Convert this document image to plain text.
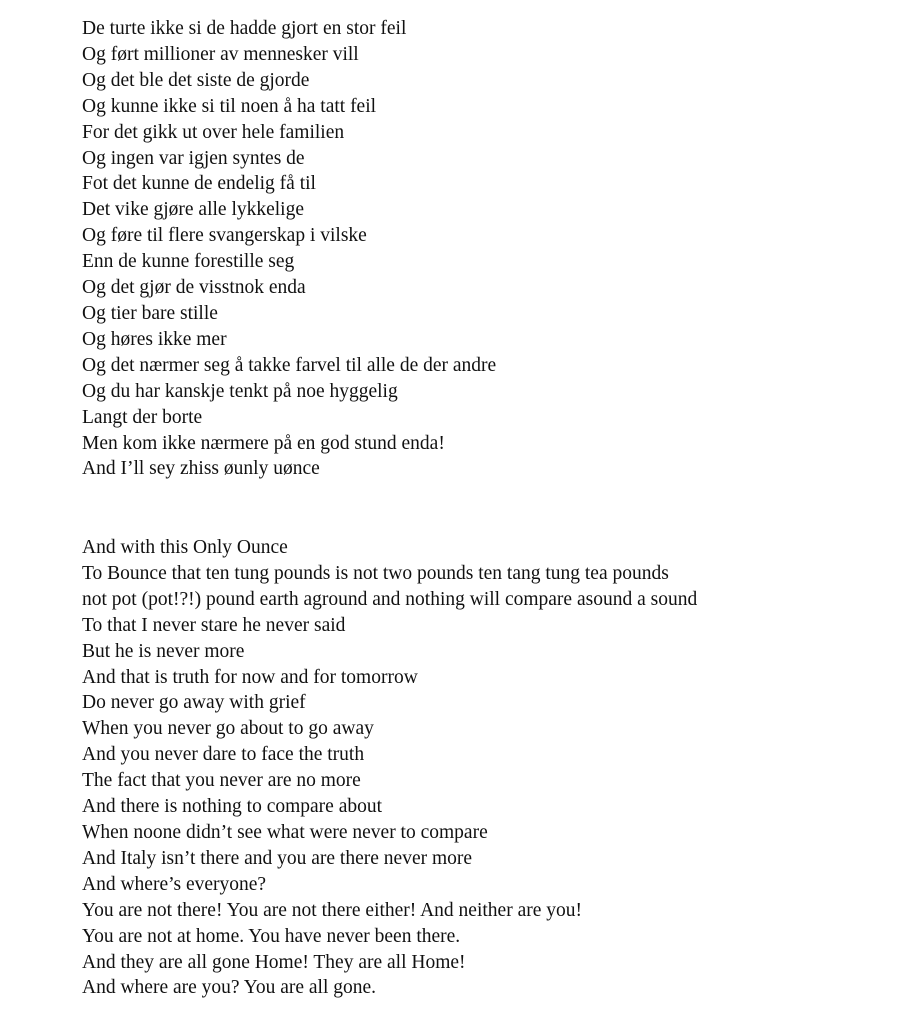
De turte ikke si de hadde gjort en stor feil
Og ført millioner av mennesker vill
Og det ble det siste de gjorde
Og kunne ikke si til noen å ha tatt feil
For det gikk ut over hele familien
Og ingen var igjen syntes de
Fot det kunne de endelig få til
Det vike gjøre alle lykkelige
Og føre til flere svangerskap i vilske
Enn de kunne forestille seg
Og det gjør de visstnok enda
Og tier bare stille
Og høres ikke mer
Og det nærmer seg å takke farvel til alle de der andre
Og du har kanskje tenkt på noe hyggelig
Langt der borte
Men kom ikke nærmere på en god stund enda!
And I’ll sey zhiss øunly uønce
And with this Only Ounce
To Bounce that ten tung pounds is not two pounds ten tang tung tea pounds
not pot (pot!?!) pound earth aground and nothing will compare asound a sound
To that I never stare he never said
But he is never more
And that is truth for now and for tomorrow
Do never go away with grief
When you never go about to go away
And you never dare to face the truth
The fact that you never are no more
And there is nothing to compare about
When noone didn’t see what were never to compare
And Italy isn’t there and you are there never more
And where’s everyone?
You are not there! You are not there either! And neither are you!
You are not at home. You have never been there.
And they are all gone Home! They are all Home!
And where are you? You are all gone.
